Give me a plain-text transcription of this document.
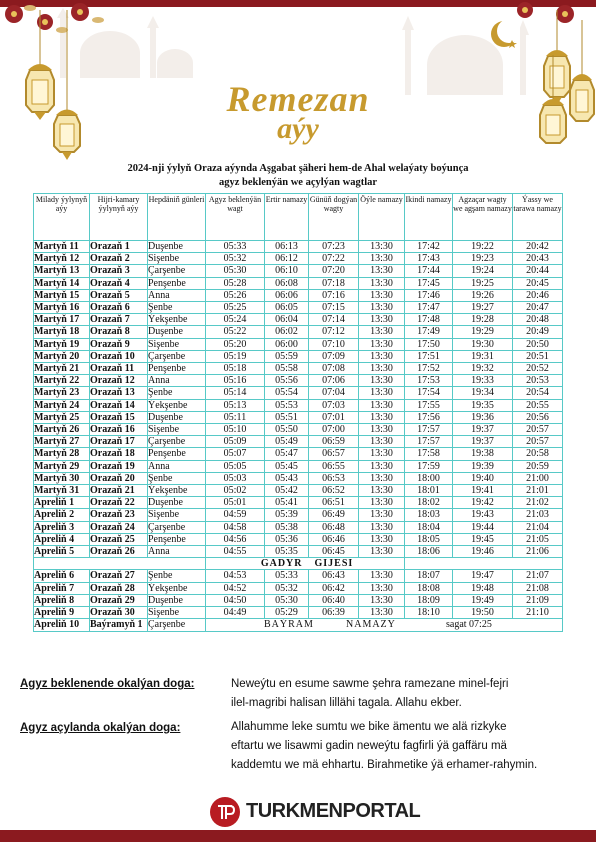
Remezan
aýy
2024-nji ýylyň Oraza aýynda Aşgabat şäheri hem-de Ahal welaýaty boýunça
agyz beklenýän we açylýan wagtlar
Milady ýylynyň aýy	Hijri-kamary ýylynyň aýy	Hepdäniň günleri	Agyz beklenýän wagt	Ertir namazy	Günüň dogýan wagty	Öýle namazy	Ikindi namazy	Agzaçar wagty we agşam namazy	Ýassy we tarawa namazy
Martyň 11	Orazaň 1	Duşenbe	05:33	06:13	07:23	13:30	17:42	19:22	20:42
Martyň 12	Orazaň 2	Sişenbe	05:32	06:12	07:22	13:30	17:43	19:23	20:43
Martyň 13	Orazaň 3	Çarşenbe	05:30	06:10	07:20	13:30	17:44	19:24	20:44
Martyň 14	Orazaň 4	Penşenbe	05:28	06:08	07:18	13:30	17:45	19:25	20:45
Martyň 15	Orazaň 5	Anna	05:26	06:06	07:16	13:30	17:46	19:26	20:46
Martyň 16	Orazaň 6	Şenbe	05:25	06:05	07:15	13:30	17:47	19:27	20:47
Martyň 17	Orazaň 7	Ýekşenbe	05:24	06:04	07:14	13:30	17:48	19:28	20:48
Martyň 18	Orazaň 8	Duşenbe	05:22	06:02	07:12	13:30	17:49	19:29	20:49
Martyň 19	Orazaň 9	Sişenbe	05:20	06:00	07:10	13:30	17:50	19:30	20:50
Martyň 20	Orazaň 10	Çarşenbe	05:19	05:59	07:09	13:30	17:51	19:31	20:51
Martyň 21	Orazaň 11	Penşenbe	05:18	05:58	07:08	13:30	17:52	19:32	20:52
Martyň 22	Orazaň 12	Anna	05:16	05:56	07:06	13:30	17:53	19:33	20:53
Martyň 23	Orazaň 13	Şenbe	05:14	05:54	07:04	13:30	17:54	19:34	20:54
Martyň 24	Orazaň 14	Ýekşenbe	05:13	05:53	07:03	13:30	17:55	19:35	20:55
Martyň 25	Orazaň 15	Duşenbe	05:11	05:51	07:01	13:30	17:56	19:36	20:56
Martyň 26	Orazaň 16	Sişenbe	05:10	05:50	07:00	13:30	17:57	19:37	20:57
Martyň 27	Orazaň 17	Çarşenbe	05:09	05:49	06:59	13:30	17:57	19:37	20:57
Martyň 28	Orazaň 18	Penşenbe	05:07	05:47	06:57	13:30	17:58	19:38	20:58
Martyň 29	Orazaň 19	Anna	05:05	05:45	06:55	13:30	17:59	19:39	20:59
Martyň 30	Orazaň 20	Şenbe	05:03	05:43	06:53	13:30	18:00	19:40	21:00
Martyň 31	Orazaň 21	Ýekşenbe	05:02	05:42	06:52	13:30	18:01	19:41	21:01
Apreliň 1	Orazaň 22	Duşenbe	05:01	05:41	06:51	13:30	18:02	19:42	21:02
Apreliň 2	Orazaň 23	Sişenbe	04:59	05:39	06:49	13:30	18:03	19:43	21:03
Apreliň 3	Orazaň 24	Çarşenbe	04:58	05:38	06:48	13:30	18:04	19:44	21:04
Apreliň 4	Orazaň 25	Penşenbe	04:56	05:36	06:46	13:30	18:05	19:45	21:05
Apreliň 5	Orazaň 26	Anna	04:55	05:35	06:45	13:30	18:06	19:46	21:06
			GADYR		GIJESI				
Apreliň 6	Orazaň 27	Şenbe	04:53	05:33	06:43	13:30	18:07	19:47	21:07
Apreliň 7	Orazaň 28	Ýekşenbe	04:52	05:32	06:42	13:30	18:08	19:48	21:08
Apreliň 8	Orazaň 29	Duşenbe	04:50	05:30	06:40	13:30	18:09	19:49	21:09
Apreliň 9	Orazaň 30	Sişenbe	04:49	05:29	06:39	13:30	18:10	19:50	21:10
Apreliň 10	Baýramyň 1	Çarşenbe	BAÝRAM NAMAZY sagat 07:25						
Agyz beklenende okalýan doga:	Neweýtu en esume sawme şehra ramezane minel-fejri
ilel-magribi halisan lillähi tagala. Allahu ekber.
Agyz açylanda okalýan doga:	Allahumme leke sumtu we bike ämentu we alä rizkyke
eftartu we lisawmi gadin neweýtu fagfirli ýä gaffäru mä
kaddemtu we mä ehhartu. Birahmetike ýä erhamer-rahymin.
TURKMENPORTAL
